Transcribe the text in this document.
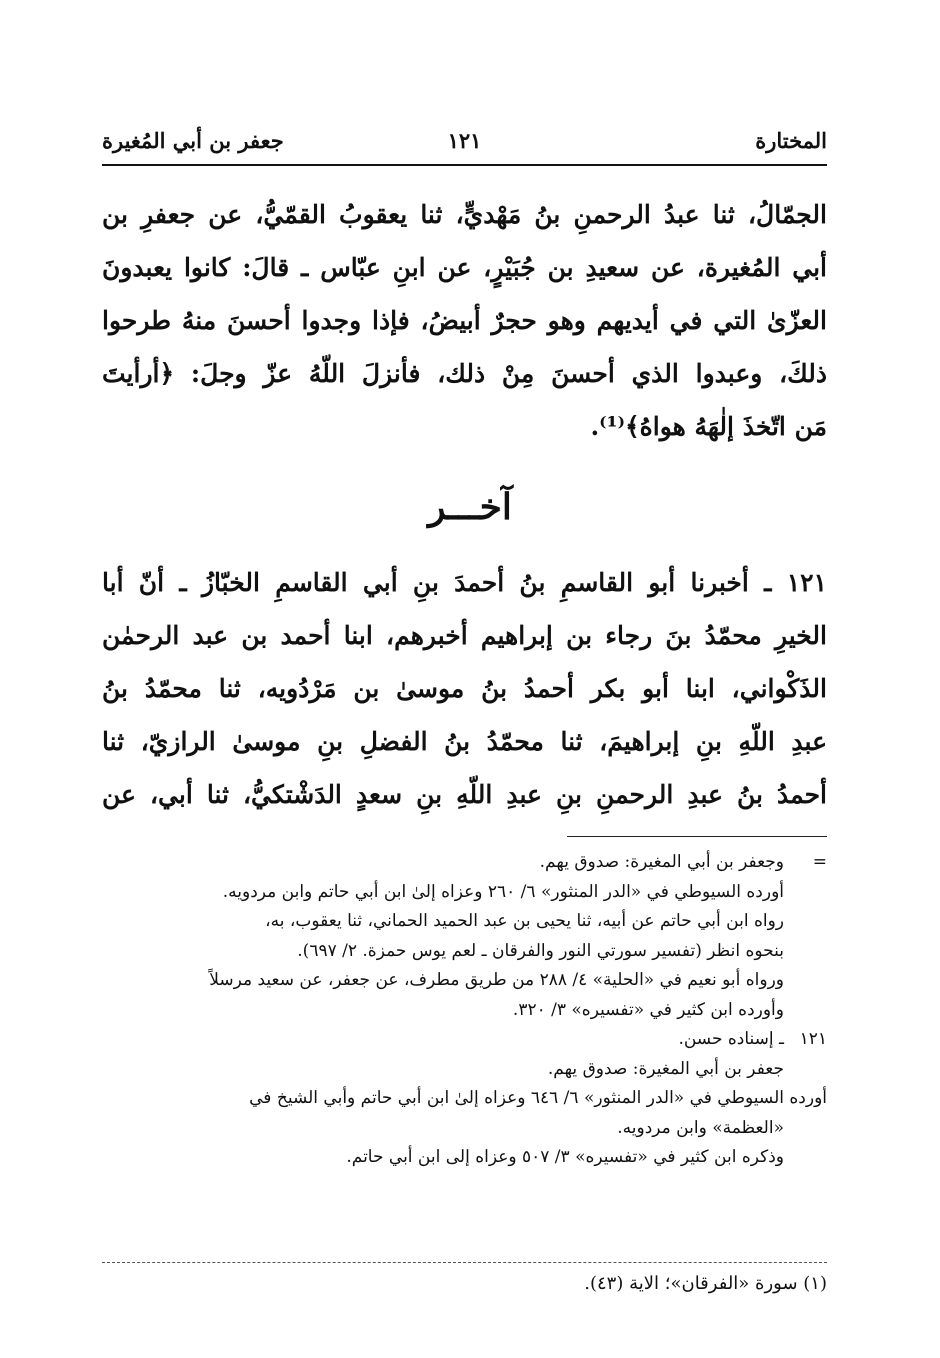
المختارة
١٢١
جعفر بن أبي المُغيرة
الجمّالُ، ثنا عبدُ الرحمنِ بنُ مَهْديٍّ، ثنا يعقوبُ القمّيُّ، عن جعفرِ بن
أبي المُغيرة، عن سعيدِ بن جُبَيْرٍ، عن ابنِ عبّاس ـ قالَ: كانوا يعبدونَ
العزّىٰ التي في أيديهم وهو حجرٌ أبيضُ، فإذا وجدوا أحسنَ منهُ طرحوا
ذلكَ، وعبدوا الذي أحسنَ مِنْ ذلك، فأنزلَ اللّهُ عزّ وجلَ: ﴿أرأيتَ
مَن اتّخذَ إلٰهَهُ هواهُ﴾⁽¹⁾.
آخـــر
١٢١ ـ أخبرنا أبو القاسمِ بنُ أحمدَ بنِ أبي القاسمِ الخبّازُ ـ أنّ أبا
الخيرِ محمّدُ بنَ رجاء بن إبراهيم أخبرهم، ابنا أحمد بن عبد الرحمٰن
الذَكْواني، ابنا أبو بكر أحمدُ بنُ موسىٰ بن مَرْدُويه، ثنا محمّدُ بنُ
عبدِ اللّهِ بنِ إبراهيمَ، ثنا محمّدُ بنُ الفضلِ بنِ موسىٰ الرازيّ، ثنا
أحمدُ بنُ عبدِ الرحمنِ بنِ عبدِ اللّهِ بنِ سعدٍ الدَشْتكيُّ، ثنا أبي، عن
=
وجعفر بن أبي المغيرة: صدوق يهم.
أورده السيوطي في «الدر المنثور» ٦/ ٢٦٠ وعزاه إلىٰ ابن أبي حاتم وابن مردويه.
رواه ابن أبي حاتم عن أبيه، ثنا يحيى بن عبد الحميد الحماني، ثنا يعقوب، به،
بنحوه انظر (تفسير سورتي النور والفرقان ـ لعم يوس حمزة. ٢/ ٦٩٧).
ورواه أبو نعيم في «الحلية» ٤/ ٢٨٨ من طريق مطرف، عن جعفر، عن سعيد مرسلاً
وأورده ابن كثير في «تفسيره» ٣/ ٣٢٠.
١٢١
ـ إسناده حسن.
جعفر بن أبي المغيرة: صدوق يهم.
أورده السيوطي في «الدر المنثور» ٦/ ٦٤٦ وعزاه إلىٰ ابن أبي حاتم وأبي الشيخ في
«العظمة» وابن مردويه.
وذكره ابن كثير في «تفسيره» ٣/ ٥٠٧ وعزاه إلى ابن أبي حاتم.
(١) سورة «الفرقان»؛ الاية (٤٣).
